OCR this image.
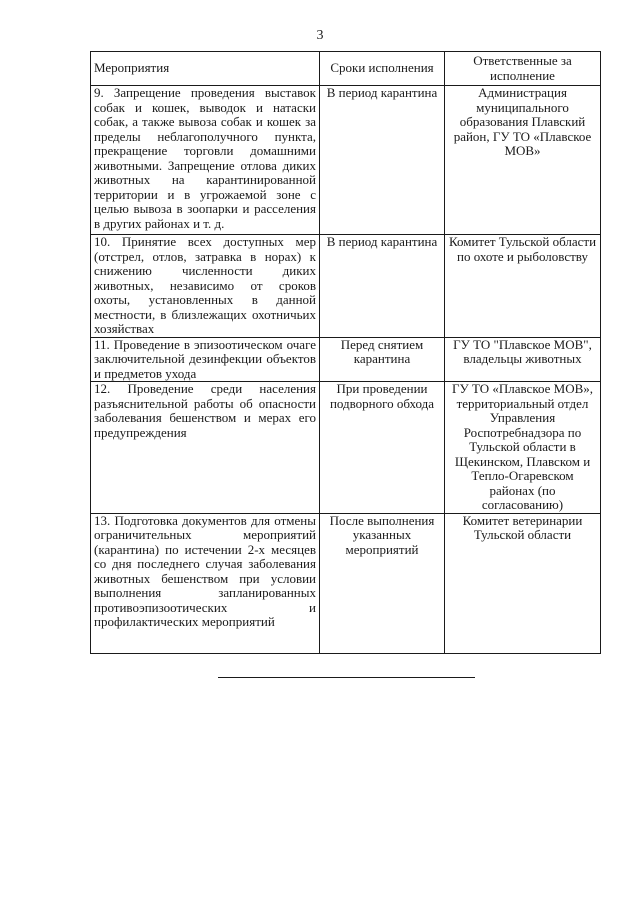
3
Мероприятия	Сроки исполнения	Ответственные за исполнение
9. Запрещение проведения выставок собак и кошек, выводок и натаски собак, а также вывоза собак и кошек за пределы неблагополучного пункта, прекращение торговли домашними животными. Запрещение отлова диких животных на карантинированной территории и в угрожаемой зоне с целью вывоза в зоопарки и расселения в других районах и т. д.	В период карантина	Администрация муниципального образования Плавский район, ГУ ТО «Плавское МОВ»
10. Принятие всех доступных мер (отстрел, отлов, затравка в норах) к снижению численности диких животных, независимо от сроков охоты, установленных в данной местности, в близлежащих охотничьих хозяйствах	В период карантина	Комитет Тульской области по охоте и рыболовству
11. Проведение в эпизоотическом очаге заключительной дезинфекции объектов и предметов ухода	Перед снятием карантина	ГУ ТО "Плавское МОВ", владельцы животных
12. Проведение среди населения разъяснительной работы об опасности заболевания бешенством и мерах его предупреждения	При проведении подворного обхода	ГУ ТО «Плавское МОВ», территориальный отдел Управления Роспотребнадзора по Тульской области в Щекинском, Плавском и Тепло-Огаревском районах (по согласованию)
13. Подготовка документов для отмены ограничительных мероприятий (карантина) по истечении 2-х месяцев со дня последнего случая заболевания животных бешенством при условии выполнения запланированных противоэпизоотических и профилактических мероприятий	После выполнения указанных мероприятий	Комитет ветеринарии Тульской области
